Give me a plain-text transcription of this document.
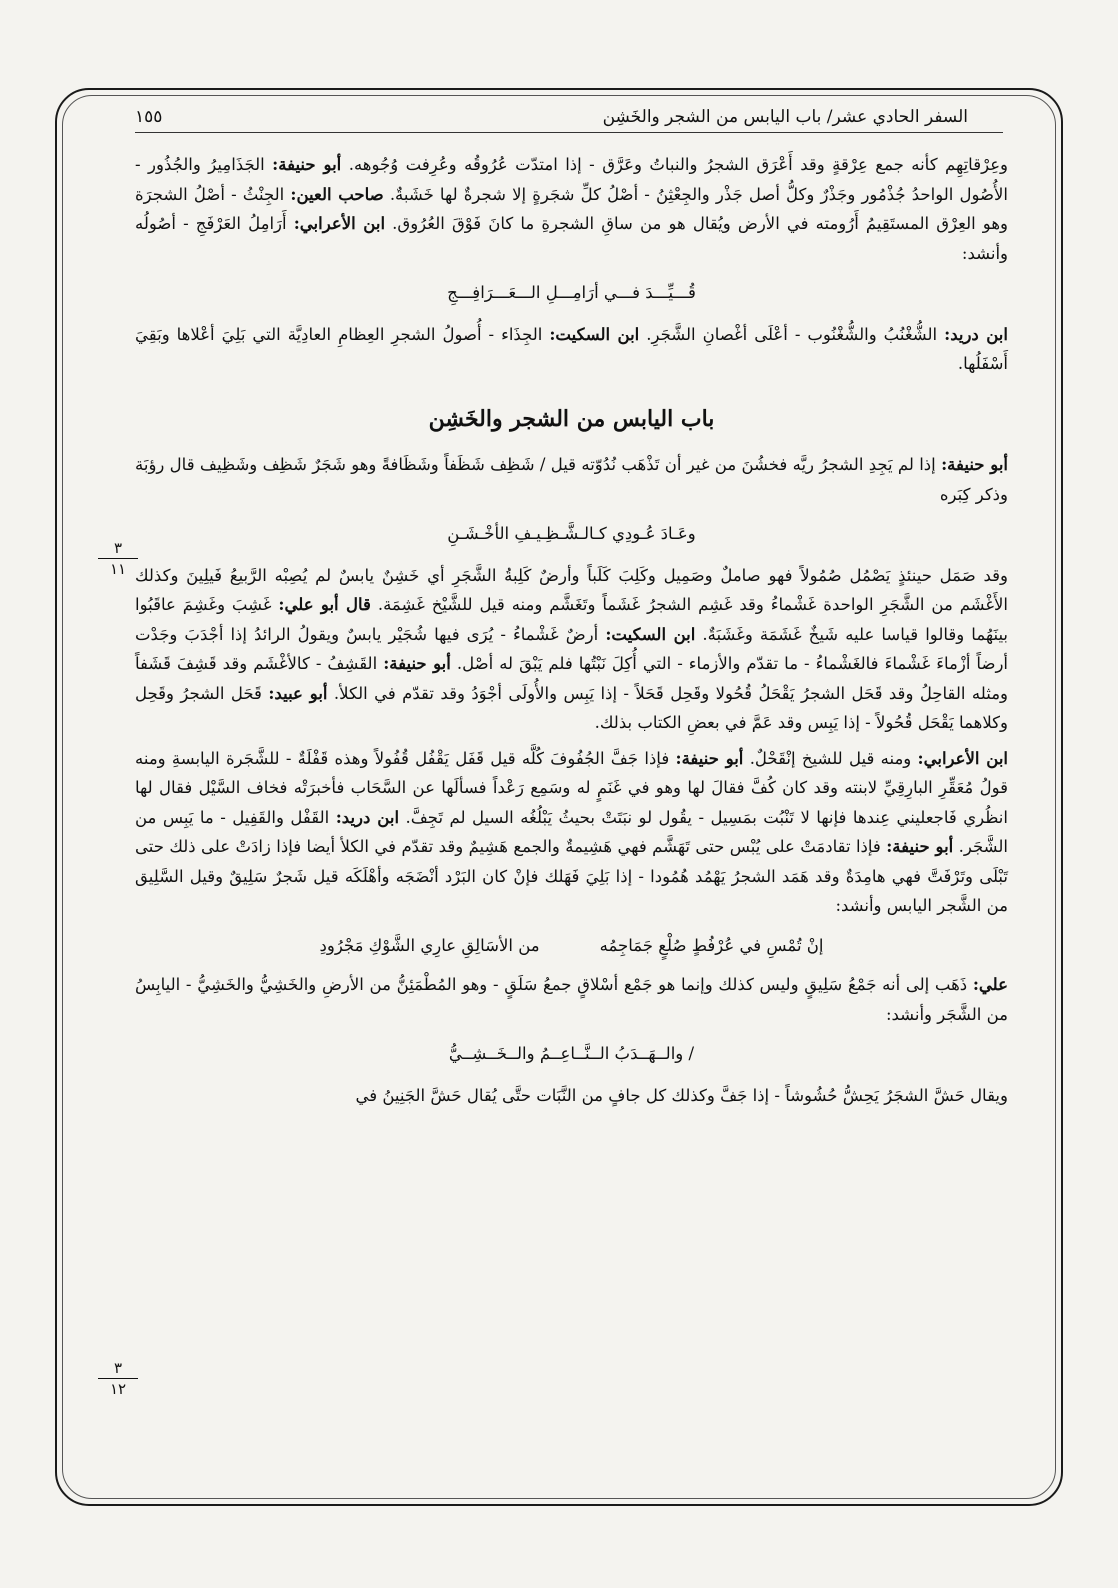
السفر الحادي عشر/ باب اليابس من الشجر والخَشِن
١٥٥
٣
١١
٣
١٢

وعِرْقاتِهِم كأنه جمع عِرْقةٍ وقد أَعْرَق الشجرُ والنباتُ وعَرَّق - إذا امتدّت عُرُوقُه وعُرِفت وُجُوهه. أبو حنيفة: الجَذَامِيرُ والجُذُور - الأُصُول الواحدُ جُذْمُور وجَذْرٌ وكلُّ أصل جَذْر والجِعْثِنُ - أصْلُ كلِّ شجَرةٍ إلا شجرةٌ لها خَشَبةٌ. صاحب العين: الجِنْثُ - أصْلُ الشجرَة وهو العِرْق المستَقِيمُ أَرُومته في الأرض ويُقال هو من ساقِ الشجرةِ ما كانَ فَوْقَ العُرُوق. ابن الأعرابي: أَرَامِلُ العَرْفَجِ - أصُولُه وأنشد:

قُـــيِّـــدَ فـــي أرَامِـــلِ الـــعَـــرَافِـــجِ

ابن دريد: الشُّغْنُبُ والشُّغْنُوب - أعْلَى أغْصانِ الشَّجَرِ. ابن السكيت: الجِذَاء - أُصولُ الشجرِ العِظامِ العادِيَّة التي بَلِيَ أعْلاها وبَقِيَ أَسْفَلُها.

باب اليابس من الشجر والخَشِن

أبو حنيفة: إذا لم يَجِدِ الشجرُ ريَّه فخشُنَ من غير أن تَذْهَب نُدُوّته قيل / شَظِف شَظَفاً وشَظَافةً وهو شَجَرٌ شَظِف وشَظِيف قال رؤبَة وذكر كِبَره

وعَـادَ عُـودِي كـالـشَّـظِـيـفِ الأخْـشَـنِ

وقد صَمَل حينئذٍ يَصْمُل صُمُولاً فهو صاملٌ وصَمِيل وكَلِبَ كَلَباً وأرضٌ كَلِبةُ الشَّجَرِ أي خَشِنٌ يابسٌ لم يُصِبْه الرَّبيعُ فَيلِينَ وكذلك الأَغْشَم من الشَّجَرِ الواحدة غَشْماءُ وقد غَشِم الشجرُ غَشَماً وتَغَشَّم ومنه قيل للشَّيْخ غَشِمَة. قال أبو علي: غَشِبَ وغَشِمَ عاقَبُوا بينَهُما وقالوا قياسا عليه شَيخٌ غَشَمَة وغَشَبَةٌ. ابن السكيت: أرضٌ غَشْماءُ - يُرَى فيها شُجَيْر يابسٌ ويقولُ الرائدُ إذا أجْدَبَ وجَدْت أرضاً أزْماءَ غَشْماءَ فالغَشْماءُ - ما تقدّم والأزماء - التي أُكِلَ نَبْتُها فلم يَبْقَ له أصْل. أبو حنيفة: القَشِفُ - كالأغْشَم وقد قَشِفَ قَشَفاً ومثله القاحِلُ وقد قَحَل الشجرُ يَقْحَلُ قُحُولا وقَحِل قَحَلاً - إذا يَبِس والأُولَى أجْوَدُ وقد تقدّم في الكلأ. أبو عبيد: قَحَل الشجرُ وقَحِل وكلاهما يَقْحَل قُحُولاً - إذا يَبِس وقد عَمَّ في بعضِ الكتاب بذلك.

ابن الأعرابي: ومنه قيل للشيخ إنْقَحْلٌ. أبو حنيفة: فإذا جَفَّ الجُفُوفَ كُلَّه قيل قَفَل يَقْفُل قُفُولاً وهذه قَفْلَةٌ - للشَّجَرة اليابسةِ ومنه قولُ مُعَقِّرِ البارِقِيِّ لابنته وقد كان كُفَّ فقالَ لها وهو في غَنَمٍ له وسَمِع رَعْداً فسألَها عن السَّحَاب فأخبرَتْه فخاف السَّيْل فقال لها انظُري فَاجعليني عِندها فإنها لا تَنْبُت بمَسِيل - يقُول لو نبَتَتْ بحيثُ يَبْلُغُه السيل لم تَجِفَّ. ابن دريد: القَفْل والقَفِيل - ما يَبِس من الشَّجَر. أبو حنيفة: فإذا تقادمَتْ على يُبْس حتى تَهَشَّم فهي هَشِيمةٌ والجمع هَشِيمٌ وقد تقدّم في الكلأ أيضا فإذا زادَتْ على ذلك حتى تَبْلَى وتَرْفَتَّ فهي هامِدَةٌ وقد هَمَد الشجرُ يَهْمُد هُمُودا - إذا بَلِيَ فَهَلك فإنْ كان البَرْد أنْضَجَه وأهْلَكَه قيل شَجرٌ سَلِيقٌ وقيل السَّلِيق من الشَّجر اليابس وأنشد:

إنْ تُمْسِ في عُرْفُطٍ صُلْعٍ جَمَاجِمُه
من الأسَالِقِ عارِي الشَّوْكِ مَجْرُودِ

علي: ذَهَب إلى أنه جَمْعُ سَلِيقٍ وليس كذلك وإنما هو جَمْع أسْلاقٍ جمعُ سَلَقٍ - وهو المُطْمَئِنُّ من الأرضِ والخَشِيُّ والخَشِيُّ - اليابِسُ من الشَّجَر وأنشد:

/ والــهَــدَبُ الــنَّــاعِــمُ والــخَــشِــيُّ

ويقال حَشَّ الشجَرُ يَحِشُّ حُشُوشاً - إذا جَفَّ وكذلك كل جافٍ من النَّبَات حتَّى يُقال حَشَّ الجَنِينُ في
